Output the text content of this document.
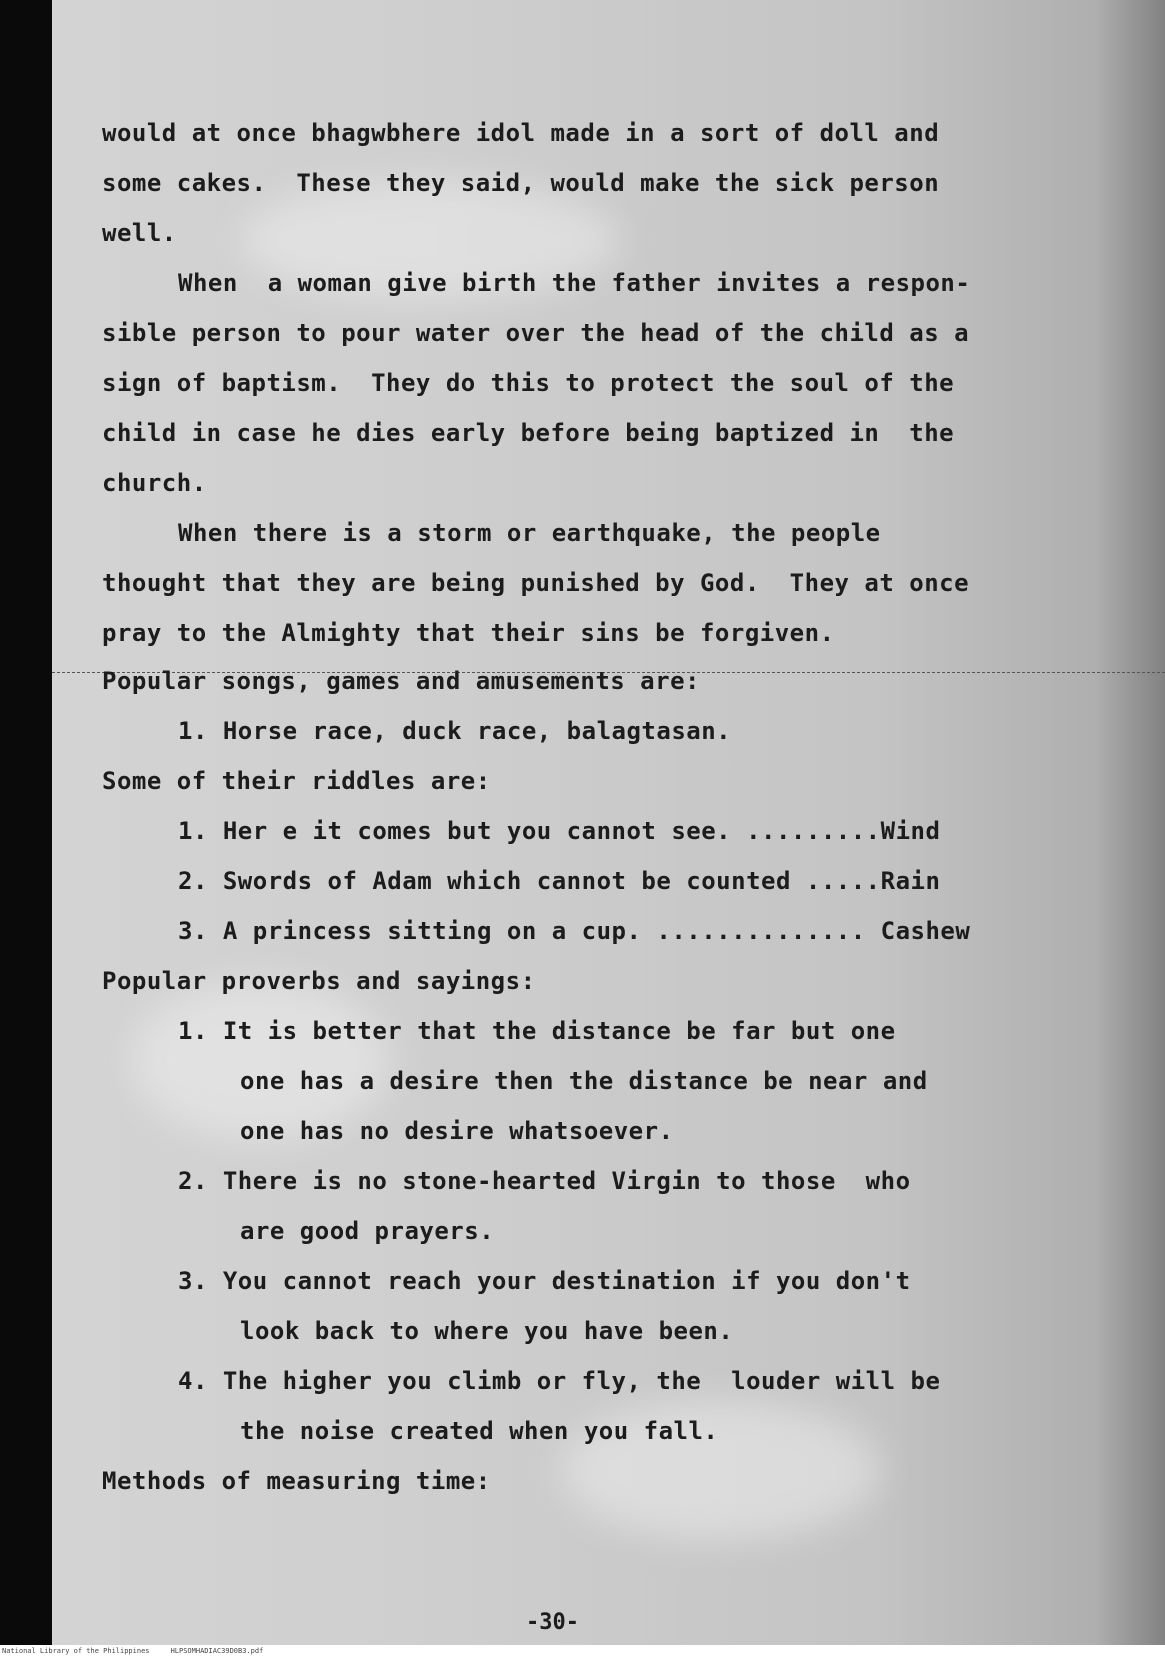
would at once bhagwbhere idol made in a sort of doll and
some cakes.  These they said, would make the sick person
well.
When  a woman give birth the father invites a respon-
sible person to pour water over the head of the child as a
sign of baptism.  They do this to protect the soul of the
child in case he dies early before being baptized in  the
church.
When there is a storm or earthquake, the people
thought that they are being punished by God.  They at once
pray to the Almighty that their sins be forgiven.
Popular songs, games and amusements are:
1. Horse race, duck race, balagtasan.
Some of their riddles are:
1. Her e it comes but you cannot see. .........Wind
2. Swords of Adam which cannot be counted .....Rain
3. A princess sitting on a cup. .............. Cashew
Popular proverbs and sayings:
1. It is better that the distance be far but one
one has a desire then the distance be near and
one has no desire whatsoever.
2. There is no stone-hearted Virgin to those  who
are good prayers.
3. You cannot reach your destination if you don't
look back to where you have been.
4. The higher you climb or fly, the  louder will be
the noise created when you fall.
Methods of measuring time:
-30-
National Library of the Philippines     HLPSOMHADIAC39D0B3.pdf
